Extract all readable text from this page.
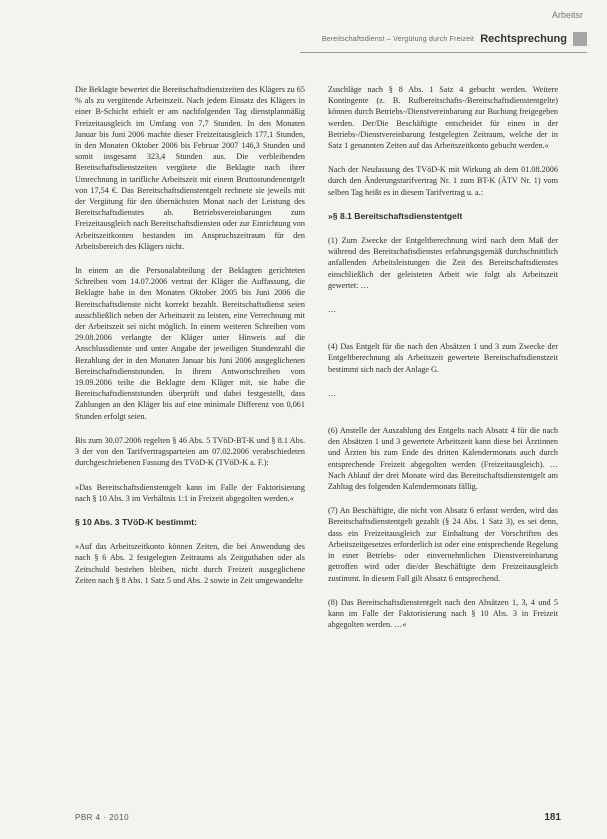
Arbeitsr
Bereitschaftsdienst – Vergütung durch Freizeit Rechtsprechung

Die Beklagte bewertet die Bereitschaftsdienstzeiten des Klägers zu 65 % als zu vergütende Arbeitszeit. Nach jedem Einsatz des Klägers in einer B-Schicht erhielt er am nachfolgenden Tag dienstplanmäßig Freizeitausgleich im Umfang von 7,7 Stunden. In den Monaten Januar bis Juni 2006 machte dieser Freizeitausgleich 177,1 Stunden, in den Monaten Oktober 2006 bis Februar 2007 146,3 Stunden und somit insgesamt 323,4 Stunden aus. Die verbleibenden Bereitschaftsdienstzeiten vergütete die Beklagte nach ihrer Umrechnung in tarifliche Arbeitszeit mit einem Bruttostundenentgelt von 17,54 €. Das Bereitschaftsdienstentgelt rechnete sie jeweils mit der Vergütung für den übernächsten Monat nach der Leistung des Bereitschaftsdienstes ab. Betriebsvereinbarungen zum Freizeitausgleich nach Bereitschaftsdiensten oder zur Einrichtung von Arbeitszeitkonten bestanden im Anspruchszeitraum für den Arbeitsbereich des Klägers nicht.

In einem an die Personalabteilung der Beklagten gerichteten Schreiben vom 14.07.2006 vertrat der Kläger die Auffassung, die Beklagte habe in den Monaten Oktober 2005 bis Juni 2006 die Bereitschaftsdienste nicht korrekt bezahlt. Bereitschaftsdienst seien ausschließlich neben der Arbeitszeit zu leisten, eine Verrechnung mit der Arbeitszeit sei nicht möglich. In einem weiteren Schreiben vom 29.08.2006 verlangte der Kläger unter Hinweis auf die Anschlussdienste und unter Angabe der jeweiligen Stundenzahl die Bezahlung der in den Monaten Januar bis Juni 2006 ausgeglichenen Bereitschaftsdienststunden. In ihrem Antwortschreiben vom 19.09.2006 teilte die Beklagte dem Kläger mit, sie habe die Bereitschaftsdienststunden überprüft und dabei festgestellt, dass Zahlungen an den Kläger bis auf eine minimale Differenz von 0,061 Stunden erfolgt seien.

Bis zum 30.07.2006 regelten § 46 Abs. 5 TVöD-BT-K und § 8.1 Abs. 3 der von den Tarifvertragsparteien am 07.02.2006 verabschiedeten durchgeschriebenen Fassung des TVöD-K (TVöD-K a. F.):

»Das Bereitschaftsdienstentgelt kann im Falle der Faktorisierung nach § 10 Abs. 3 im Verhältnis 1:1 in Freizeit abgegolten werden.«

§ 10 Abs. 3 TVöD-K bestimmt:

»Auf das Arbeitszeitkonto können Zeiten, die bei Anwendung des nach § 6 Abs. 2 festgelegten Zeitraums als Zeitguthaben oder als Zeitschuld bestehen bleiben, nicht durch Freizeit ausgeglichene Zeiten nach § 8 Abs. 1 Satz 5 und Abs. 2 sowie in Zeit umgewandelte

Zuschläge nach § 8 Abs. 1 Satz 4 gebucht werden. Weitere Kontingente (z. B. Rufbereitschafts-/Bereitschaftsdienstentgelte) können durch Betriebs-/Dienstvereinbarung zur Buchung freigegeben werden. Der/Die Beschäftigte entscheidet für einen in der Betriebs-/Dienstvereinbarung festgelegten Zeitraum, welche der in Satz 1 genannten Zeiten auf das Arbeitszeitkonto gebucht werden.«

Nach der Neufassung des TVöD-K mit Wirkung ab dem 01.08.2006 durch den Änderungstarifvertrag Nr. 1 zum BT-K (ÄTV Nr. 1) vom selben Tag heißt es in diesem Tarifvertrag u. a.:

»§ 8.1 Bereitschaftsdienstentgelt

(1) Zum Zwecke der Entgeltberechnung wird nach dem Maß der während des Bereitschaftsdienstes erfahrungsgemäß durchschnittlich anfallenden Arbeitsleistungen die Zeit des Bereitschaftsdienstes einschließlich der geleisteten Arbeit wie folgt als Arbeitszeit gewertet: …

…

(4) Das Entgelt für die nach den Absätzen 1 und 3 zum Zwecke der Entgeltberechnung als Arbeitszeit gewertete Bereitschaftsdienstzeit bestimmt sich nach der Anlage G.

…

(6) Anstelle der Auszahlung des Entgelts nach Absatz 4 für die nach den Absätzen 1 und 3 gewertete Arbeitszeit kann diese bei Ärztinnen und Ärzten bis zum Ende des dritten Kalendermonats auch durch entsprechende Freizeit abgegolten werden (Freizeitausgleich). … Nach Ablauf der drei Monate wird das Bereitschaftsdienstentgelt am Zahltag des folgenden Kalendermonats fällig.

(7) An Beschäftigte, die nicht von Absatz 6 erfasst werden, wird das Bereitschaftsdienstentgelt gezahlt (§ 24 Abs. 1 Satz 3), es sei denn, dass ein Freizeitausgleich zur Einhaltung der Vorschriften des Arbeitszeitgesetzes erforderlich ist oder eine entsprechende Regelung in einer Betriebs- oder einvernehmlichen Dienstvereinbarung getroffen wird oder die/der Beschäftigte dem Freizeitausgleich zustimmt. In diesem Fall gilt Absatz 6 entsprechend.

(8) Das Bereitschaftsdienstentgelt nach den Absätzen 1, 3, 4 und 5 kann im Falle der Faktorisierung nach § 10 Abs. 3 in Freizeit abgegolten werden. …«

PBR 4 · 2010	181
